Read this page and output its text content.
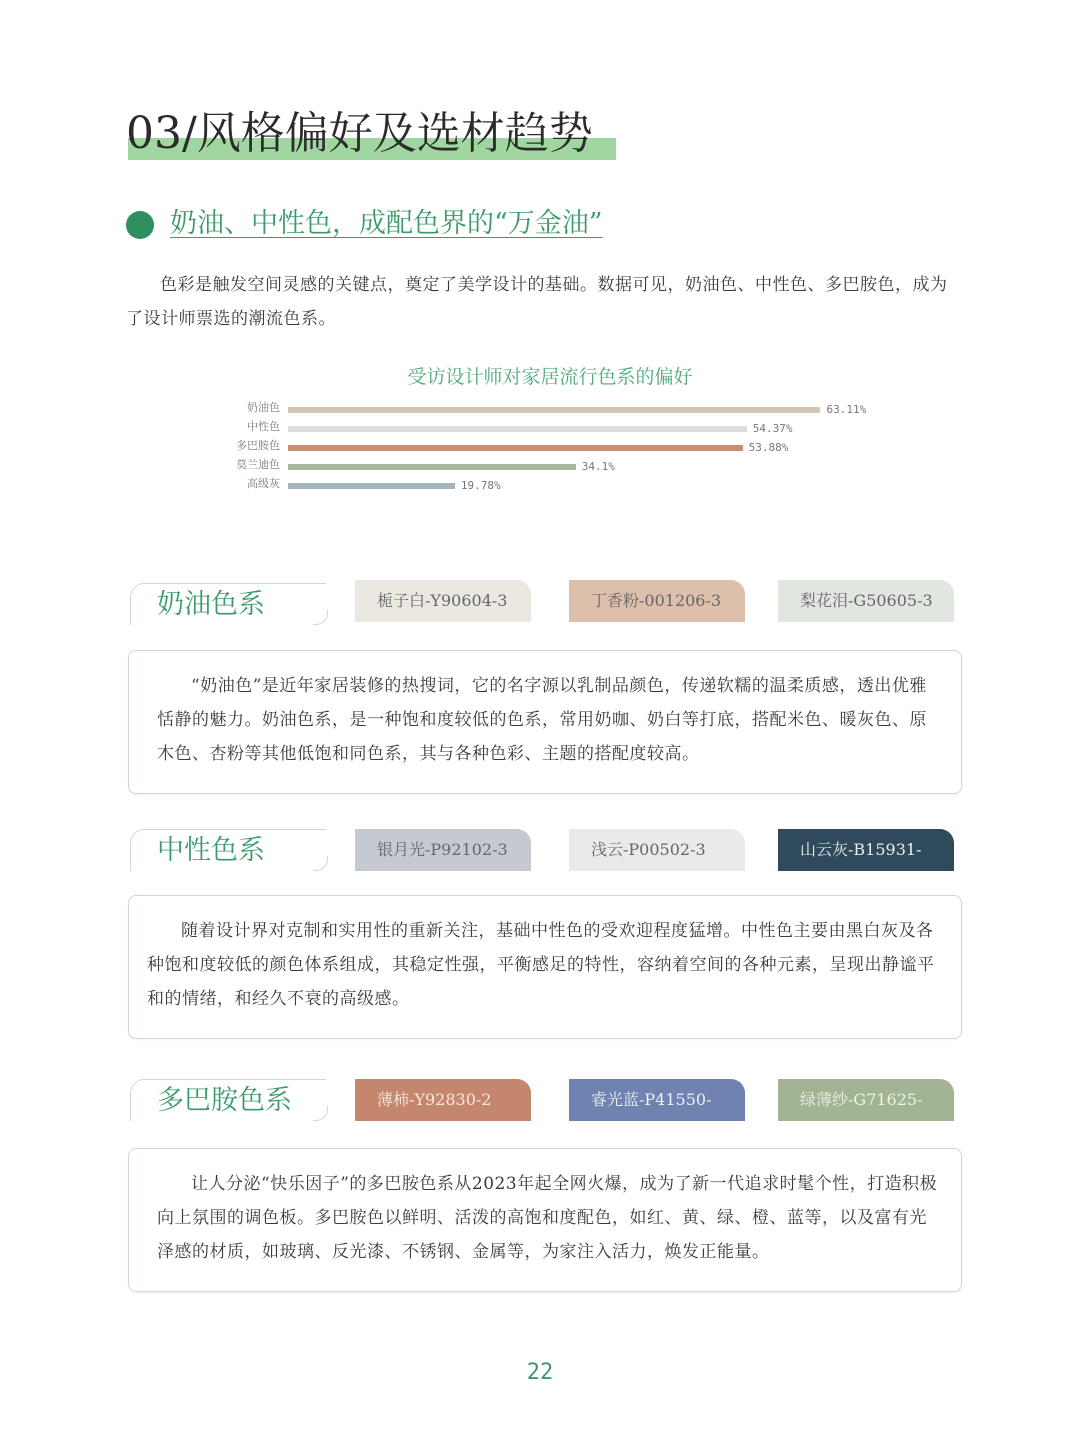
03/风格偏好及选材趋势
奶油、中性色，成配色界的“万金油”
色彩是触发空间灵感的关键点，奠定了美学设计的基础。数据可见，奶油色、中性色、多巴胺色，成为了设计师票选的潮流色系。
受访设计师对家居流行色系的偏好
奶油色	63.11%
中性色	54.37%
多巴胺色	53.88%
莫兰迪色	34.1%
高级灰	19.78%
奶油色系	栀子白-Y90604-3	丁香粉-001206-3	梨花泪-G50605-3
“奶油色”是近年家居装修的热搜词，它的名字源以乳制品颜色，传递软糯的温柔质感，透出优雅恬静的魅力。奶油色系，是一种饱和度较低的色系，常用奶咖、奶白等打底，搭配米色、暖灰色、原木色、杏粉等其他低饱和同色系，其与各种色彩、主题的搭配度较高。
中性色系	银月光-P92102-3	浅云-P00502-3	山云灰-B15931-
随着设计界对克制和实用性的重新关注，基础中性色的受欢迎程度猛增。中性色主要由黑白灰及各种饱和度较低的颜色体系组成，其稳定性强，平衡感足的特性，容纳着空间的各种元素，呈现出静谧平和的情绪，和经久不衰的高级感。
多巴胺色系	薄柿-Y92830-2	睿光蓝-P41550-	绿薄纱-G71625-
让人分泌“快乐因子”的多巴胺色系从2023年起全网火爆，成为了新一代追求时髦个性，打造积极向上氛围的调色板。多巴胺色以鲜明、活泼的高饱和度配色，如红、黄、绿、橙、蓝等，以及富有光泽感的材质，如玻璃、反光漆、不锈钢、金属等，为家注入活力，焕发正能量。
22
